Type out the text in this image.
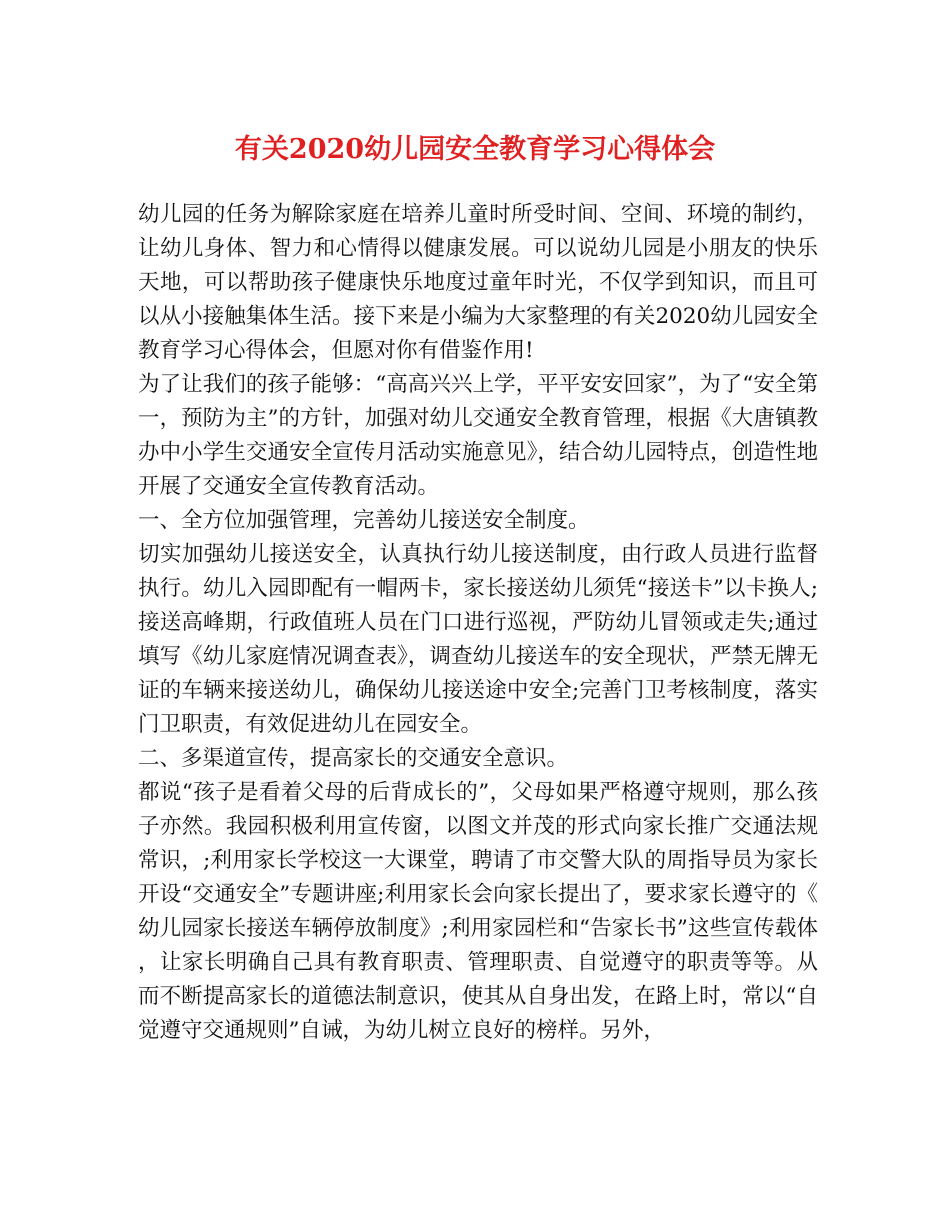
有关2020幼儿园安全教育学习心得体会

幼儿园的任务为解除家庭在培养儿童时所受时间、空间、环境的制约，让幼儿身体、智力和心情得以健康发展。可以说幼儿园是小朋友的快乐天地，可以帮助孩子健康快乐地度过童年时光，不仅学到知识，而且可以从小接触集体生活。接下来是小编为大家整理的有关2020幼儿园安全教育学习心得体会，但愿对你有借鉴作用!

为了让我们的孩子能够：“高高兴兴上学，平平安安回家”，为了“安全第一，预防为主”的方针，加强对幼儿交通安全教育管理，根据《大唐镇教办中小学生交通安全宣传月活动实施意见》，结合幼儿园特点，创造性地开展了交通安全宣传教育活动。

一、全方位加强管理，完善幼儿接送安全制度。

切实加强幼儿接送安全，认真执行幼儿接送制度，由行政人员进行监督执行。幼儿入园即配有一帽两卡，家长接送幼儿须凭“接送卡”以卡换人;接送高峰期，行政值班人员在门口进行巡视，严防幼儿冒领或走失;通过填写《幼儿家庭情况调查表》，调查幼儿接送车的安全现状，严禁无牌无证的车辆来接送幼儿，确保幼儿接送途中安全;完善门卫考核制度，落实门卫职责，有效促进幼儿在园安全。

二、多渠道宣传，提高家长的交通安全意识。

都说“孩子是看着父母的后背成长的”，父母如果严格遵守规则，那么孩子亦然。我园积极利用宣传窗，以图文并茂的形式向家长推广交通法规常识，;利用家长学校这一大课堂，聘请了市交警大队的周指导员为家长开设“交通安全”专题讲座;利用家长会向家长提出了，要求家长遵守的《幼儿园家长接送车辆停放制度》;利用家园栏和“告家长书”这些宣传载体，让家长明确自己具有教育职责、管理职责、自觉遵守的职责等等。从而不断提高家长的道德法制意识，使其从自身出发，在路上时，常以“自觉遵守交通规则”自诫，为幼儿树立良好的榜样。另外，
